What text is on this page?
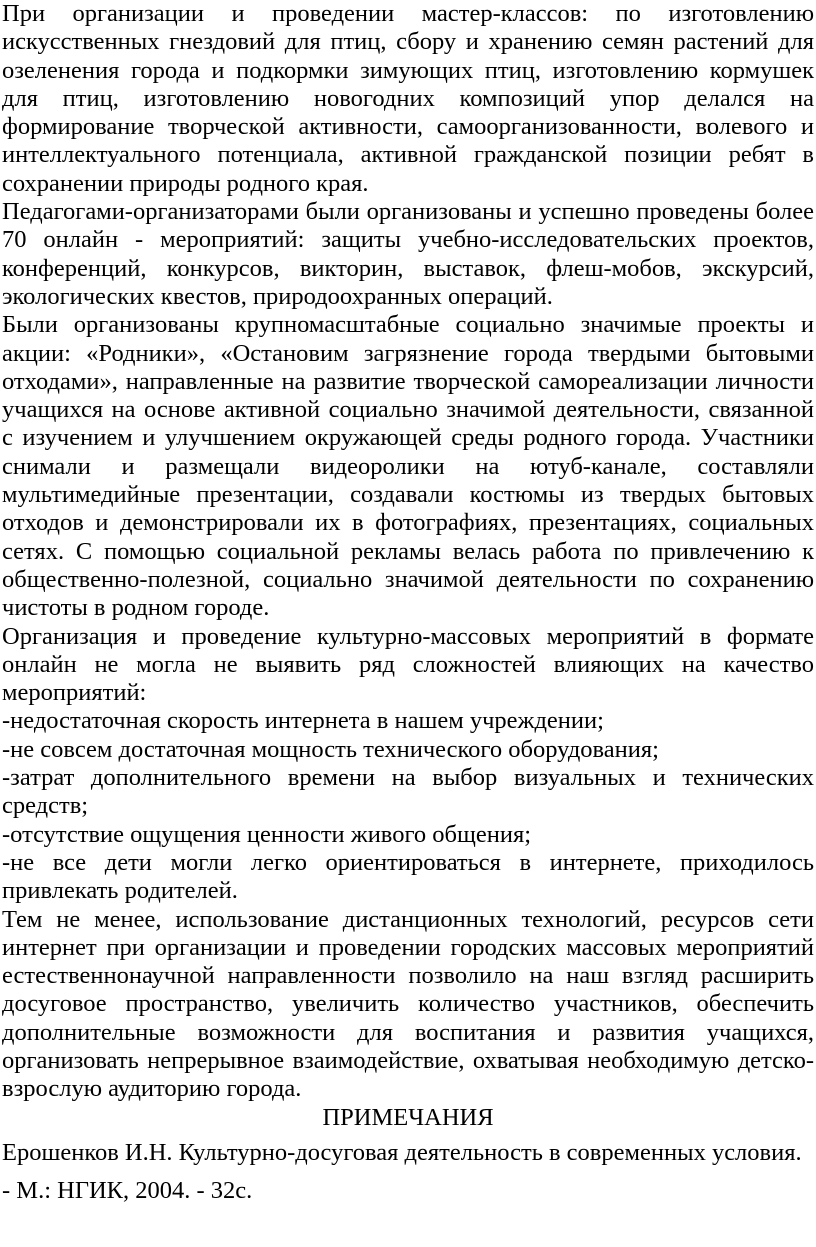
При организации и проведении мастер-классов: по изготовлению искусственных гнездовий для птиц, сбору и хранению семян растений для озеленения города и подкормки зимующих птиц, изготовлению кормушек для птиц, изготовлению новогодних композиций упор делался на формирование творческой активности, самоорганизованности, волевого и интеллектуального потенциала, активной гражданской позиции ребят в сохранении природы родного края.

Педагогами-организаторами были организованы и успешно проведены более 70 онлайн - мероприятий: защиты учебно-исследовательских проектов, конференций, конкурсов, викторин, выставок, флеш-мобов, экскурсий, экологических квестов, природоохранных операций.

Были организованы крупномасштабные социально значимые проекты и акции: «Родники», «Остановим загрязнение города твердыми бытовыми отходами», направленные на развитие творческой самореализации личности учащихся на основе активной социально значимой деятельности, связанной с изучением и улучшением окружающей среды родного города. Участники снимали и размещали видеоролики на ютуб-канале, составляли мультимедийные презентации, создавали костюмы из твердых бытовых отходов и демонстрировали их в фотографиях, презентациях, социальных сетях. С помощью социальной рекламы велась работа по привлечению к общественно-полезной, социально значимой деятельности по сохранению чистоты в родном городе.

Организация и проведение культурно-массовых мероприятий в формате онлайн не могла не выявить ряд сложностей влияющих на качество мероприятий:

-недостаточная скорость интернета в нашем учреждении;

-не совсем достаточная мощность технического оборудования;

-затрат дополнительного времени на выбор визуальных и технических средств;

-отсутствие ощущения ценности живого общения;

-не все дети могли легко ориентироваться в интернете, приходилось привлекать родителей.

Тем не менее, использование дистанционных технологий, ресурсов сети интернет при организации и проведении городских массовых мероприятий естественнонаучной направленности позволило на наш взгляд расширить досуговое пространство, увеличить количество участников, обеспечить дополнительные возможности для воспитания и развития учащихся, организовать непрерывное взаимодействие, охватывая необходимую детско-взрослую аудиторию города.

ПРИМЕЧАНИЯ

Ерошенков И.Н. Культурно-досуговая деятельность в современных условия. - М.: НГИК, 2004. - 32с.
